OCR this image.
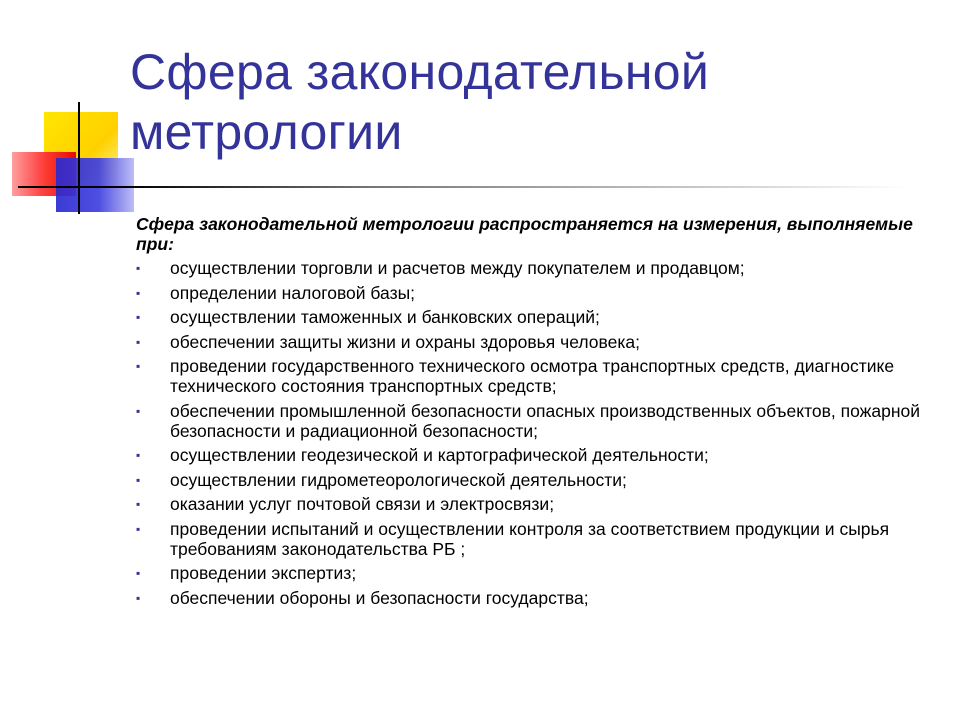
Сфера законодательной метрологии

Сфера законодательной метрологии распространяется на измерения, выполняемые при:

▪ осуществлении торговли и расчетов между покупателем и продавцом;
▪ определении налоговой базы;
▪ осуществлении таможенных и банковских операций;
▪ обеспечении защиты жизни и охраны здоровья человека;
▪ проведении государственного технического осмотра транспортных средств, диагностике технического состояния транспортных средств;
▪ обеспечении промышленной безопасности опасных производственных объектов, пожарной безопасности и радиационной безопасности;
▪ осуществлении геодезической и картографической деятельности;
▪ осуществлении гидрометеорологической деятельности;
▪ оказании услуг почтовой связи и электросвязи;
▪ проведении испытаний и осуществлении контроля за соответствием продукции и сырья требованиям законодательства РБ ;
▪ проведении экспертиз;
▪ обеспечении обороны и безопасности государства;
